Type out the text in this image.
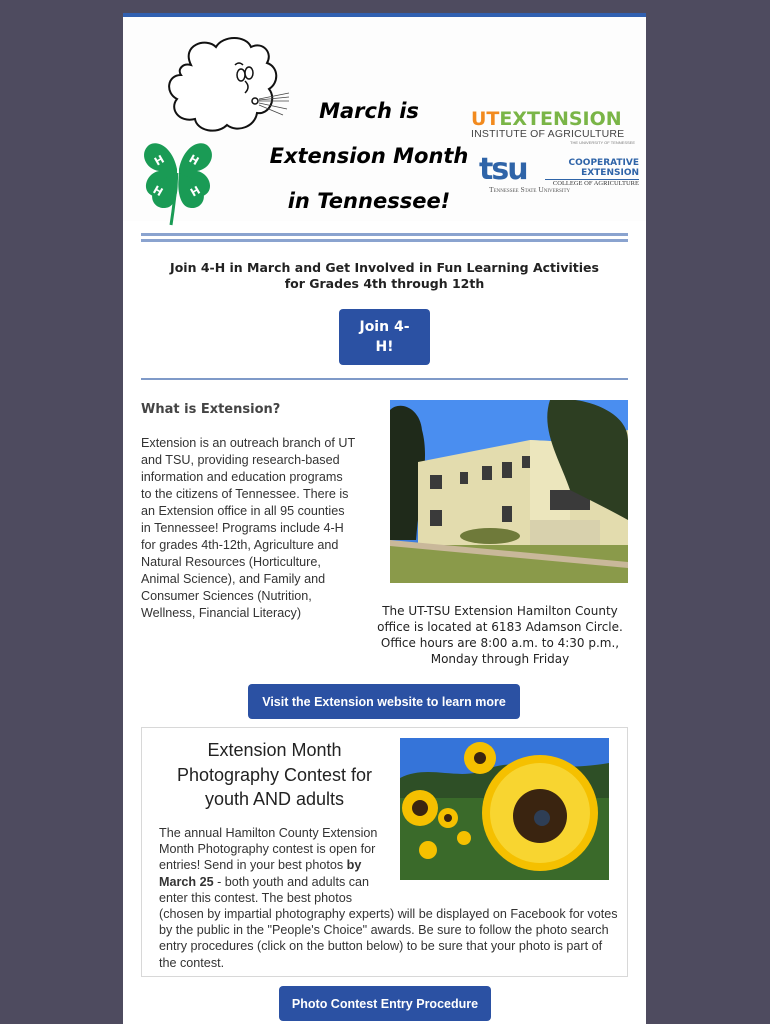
H H
H H
March is
Extension Month
in Tennessee!
UTEXTENSION
INSTITUTE OF AGRICULTURE
THE UNIVERSITY OF TENNESSEE
tsu	COOPERATIVE
EXTENSION
COLLEGE OF AGRICULTURE
Tennessee State University
Join 4-H in March and Get Involved in Fun Learning Activities
for Grades 4th through 12th
Join 4-
H!
What is Extension?
Extension is an outreach branch of UT and TSU, providing research-based information and education programs to the citizens of Tennessee. There is an Extension office in all 95 counties in Tennessee! Programs include 4-H for grades 4th-12th, Agriculture and Natural Resources (Horticulture, Animal Science), and Family and Consumer Sciences (Nutrition, Wellness, Financial Literacy)	The UT-TSU Extension Hamilton County office is located at 6183 Adamson Circle. Office hours are 8:00 a.m. to 4:30 p.m., Monday through Friday
Visit the Extension website to learn more
Extension Month Photography Contest for youth AND adults
The annual Hamilton County Extension Month Photography contest is open for entries! Send in your best photos by March 25 - both youth and adults can enter this contest. The best photos (chosen by impartial photography experts) will be displayed on Facebook for votes by the public in the "People's Choice" awards. Be sure to follow the photo search entry procedures (click on the button below) to be sure that your photo is part of the contest.
Photo Contest Entry Procedure
